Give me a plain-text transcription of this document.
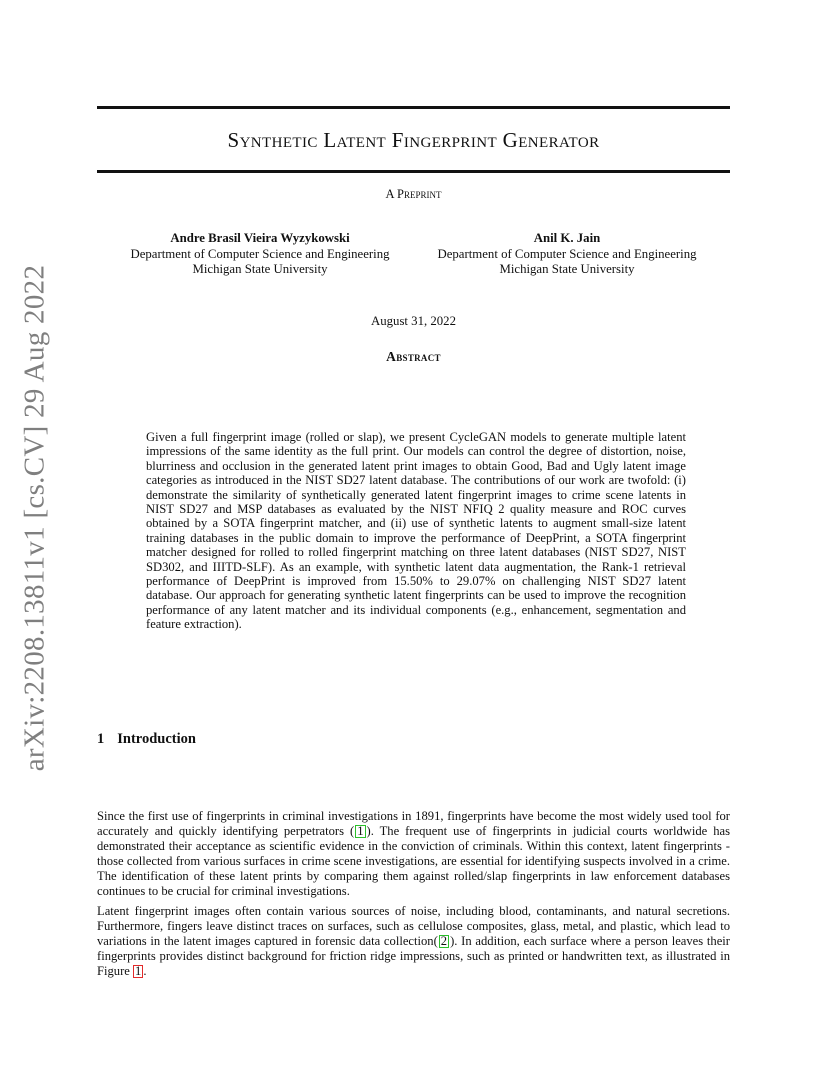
arXiv:2208.13811v1 [cs.CV] 29 Aug 2022
Synthetic Latent Fingerprint Generator
A Preprint
Andre Brasil Vieira Wyzykowski
Department of Computer Science and Engineering
Michigan State University
Anil K. Jain
Department of Computer Science and Engineering
Michigan State University
August 31, 2022
Abstract
Given a full fingerprint image (rolled or slap), we present CycleGAN models to generate multiple latent impressions of the same identity as the full print. Our models can control the degree of distortion, noise, blurriness and occlusion in the generated latent print images to obtain Good, Bad and Ugly latent image categories as introduced in the NIST SD27 latent database. The contributions of our work are twofold: (i) demonstrate the similarity of synthetically generated latent fingerprint images to crime scene latents in NIST SD27 and MSP databases as evaluated by the NIST NFIQ 2 quality measure and ROC curves obtained by a SOTA fingerprint matcher, and (ii) use of synthetic latents to augment small-size latent training databases in the public domain to improve the performance of DeepPrint, a SOTA fingerprint matcher designed for rolled to rolled fingerprint matching on three latent databases (NIST SD27, NIST SD302, and IIITD-SLF). As an example, with synthetic latent data augmentation, the Rank-1 retrieval performance of DeepPrint is improved from 15.50% to 29.07% on challenging NIST SD27 latent database. Our approach for generating synthetic latent fingerprints can be used to improve the recognition performance of any latent matcher and its individual components (e.g., enhancement, segmentation and feature extraction).
1 Introduction

Since the first use of fingerprints in criminal investigations in 1891, fingerprints have become the most widely used tool for accurately and quickly identifying perpetrators ( 1 ). The frequent use of fingerprints in judicial courts worldwide has demonstrated their acceptance as scientific evidence in the conviction of criminals. Within this context, latent fingerprints - those collected from various surfaces in crime scene investigations, are essential for identifying suspects involved in a crime. The identification of these latent prints by comparing them against rolled/slap fingerprints in law enforcement databases continues to be crucial for criminal investigations.

Latent fingerprint images often contain various sources of noise, including blood, contaminants, and natural secretions. Furthermore, fingers leave distinct traces on surfaces, such as cellulose composites, glass, metal, and plastic, which lead to variations in the latent images captured in forensic data collection( 2 ). In addition, each surface where a person leaves their fingerprints provides distinct background for friction ridge impressions, such as printed or handwritten text, as illustrated in Figure 1 .
